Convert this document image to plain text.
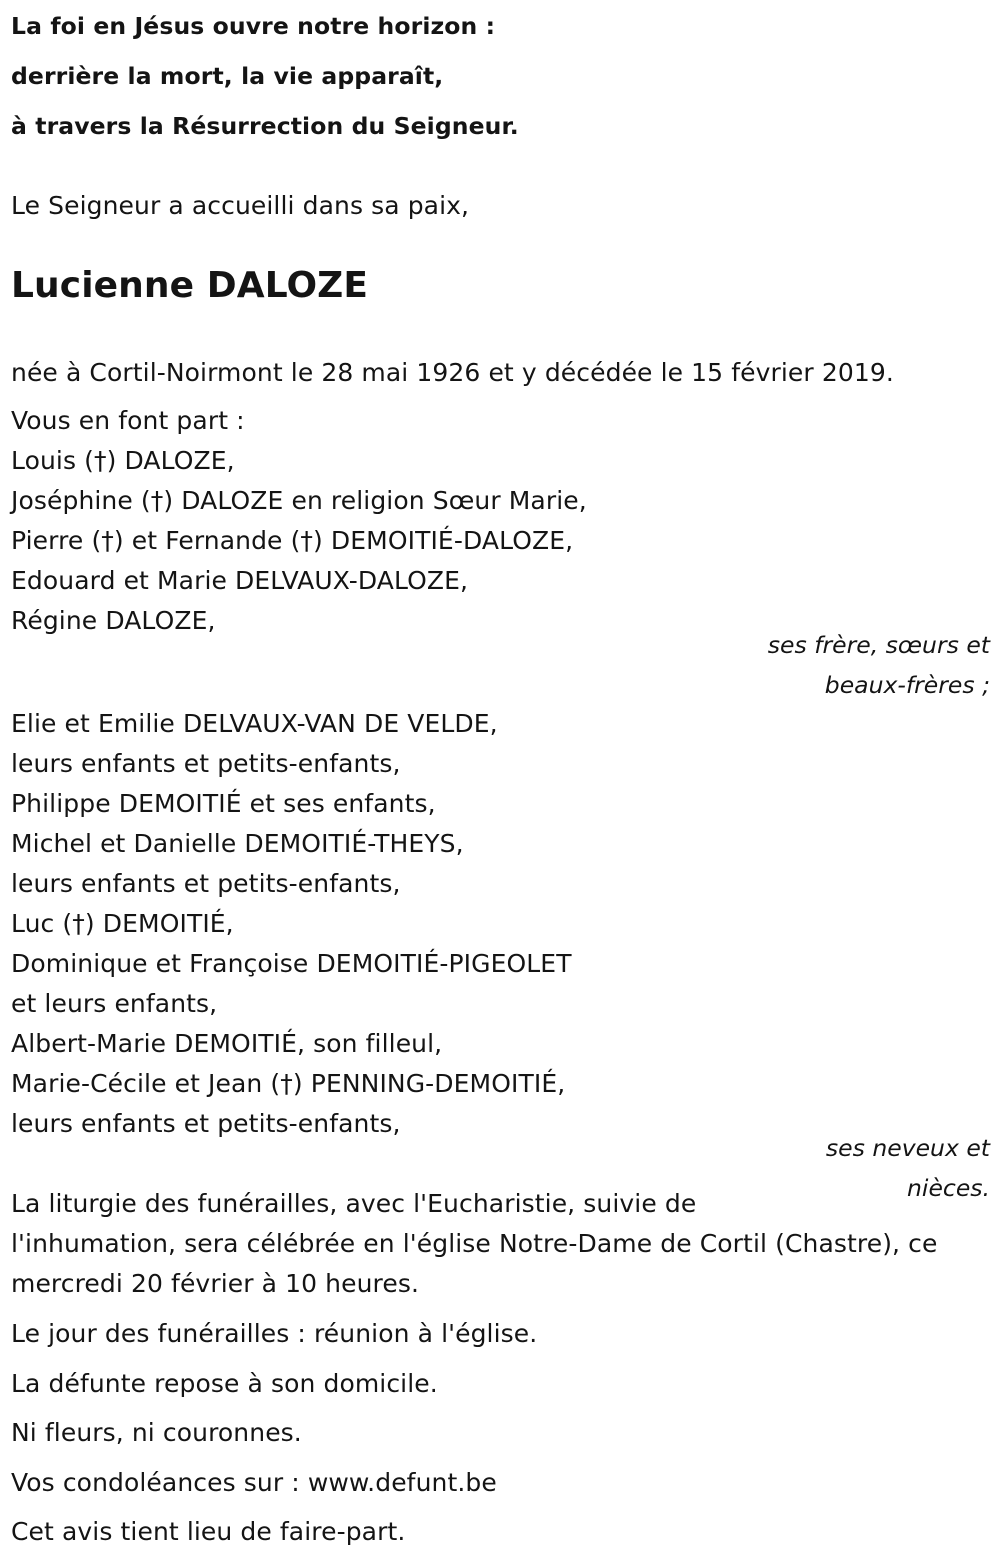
La foi en Jésus ouvre notre horizon :
derrière la mort, la vie apparaît,
à travers la Résurrection du Seigneur.
Le Seigneur a accueilli dans sa paix,
Lucienne DALOZE
née à Cortil-Noirmont le 28 mai 1926 et y décédée le 15 février 2019.
Vous en font part :
Louis (†) DALOZE,
Joséphine (†) DALOZE en religion Sœur Marie,
Pierre (†) et Fernande (†) DEMOITIÉ-DALOZE,
Edouard et Marie DELVAUX-DALOZE,
Régine DALOZE,
ses frère, sœurs et
beaux-frères ;
Elie et Emilie DELVAUX-VAN DE VELDE,
leurs enfants et petits-enfants,
Philippe DEMOITIÉ et ses enfants,
Michel et Danielle DEMOITIÉ-THEYS,
leurs enfants et petits-enfants,
Luc (†) DEMOITIÉ,
Dominique et Françoise DEMOITIÉ-PIGEOLET
et leurs enfants,
Albert-Marie DEMOITIÉ, son filleul,
Marie-Cécile et Jean (†) PENNING-DEMOITIÉ,
leurs enfants et petits-enfants,
ses neveux et
nièces.
La liturgie des funérailles, avec l'Eucharistie, suivie de
l'inhumation, sera célébrée en l'église Notre-Dame de Cortil (Chastre), ce
mercredi 20 février à 10 heures.
Le jour des funérailles : réunion à l'église.
La défunte repose à son domicile.
Ni fleurs, ni couronnes.
Vos condoléances sur : www.defunt.be
Cet avis tient lieu de faire-part.
